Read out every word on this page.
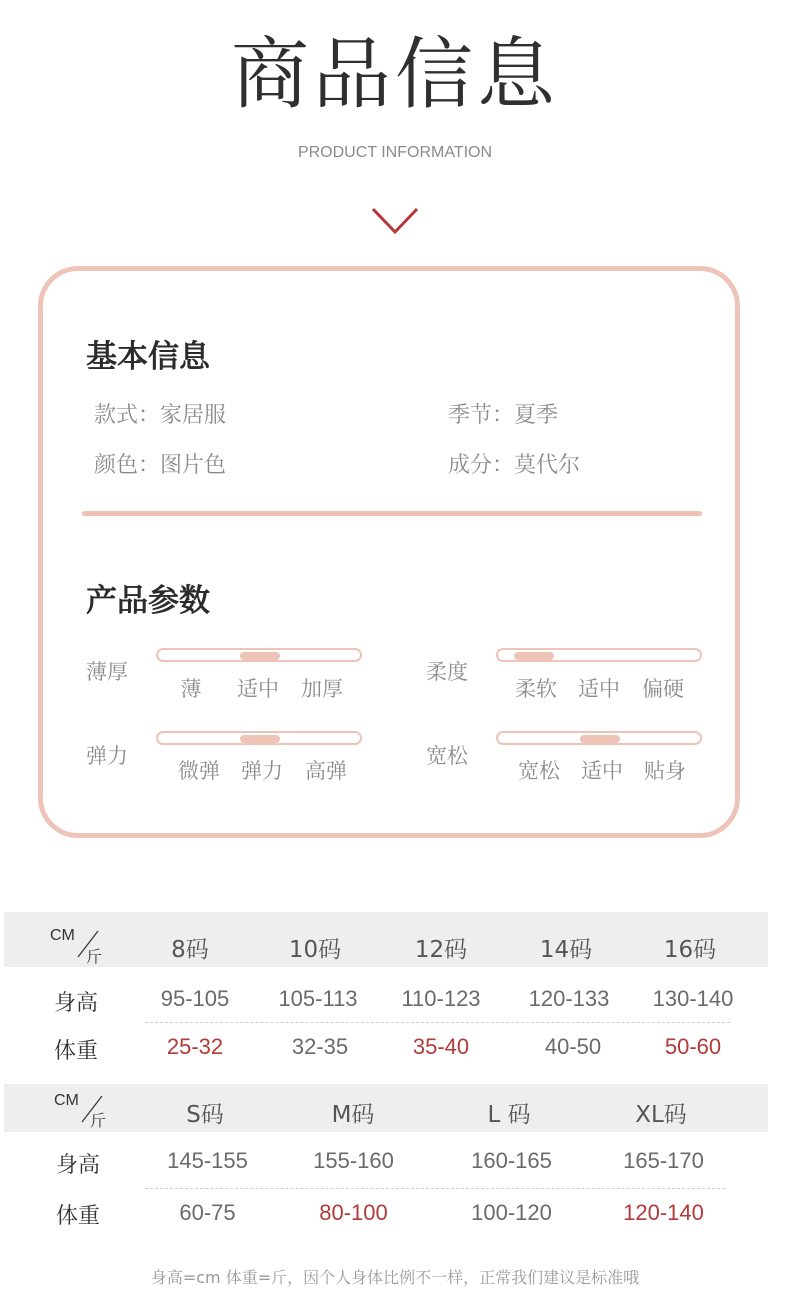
商品信息
PRODUCT INFORMATION
基本信息
款式：家居服	季节：夏季
颜色：图片色	成分：莫代尔
产品参数
薄厚
薄	适中	加厚
柔度
柔软	适中	偏硬
弹力
微弹	弹力	高弹
宽松
宽松	适中	贴身
CM
斤	8码	10码	12码	14码	16码
身高	95-105	105-113	110-123	120-133	130-140
体重	25-32	32-35	35-40	40-50	50-60
CM
斤	S码	M码	L 码	XL码
身高	145-155	155-160	160-165	165-170
体重	60-75	80-100	100-120	120-140
身高=cm 体重=斤，因个人身体比例不一样，正常我们建议是标准哦
